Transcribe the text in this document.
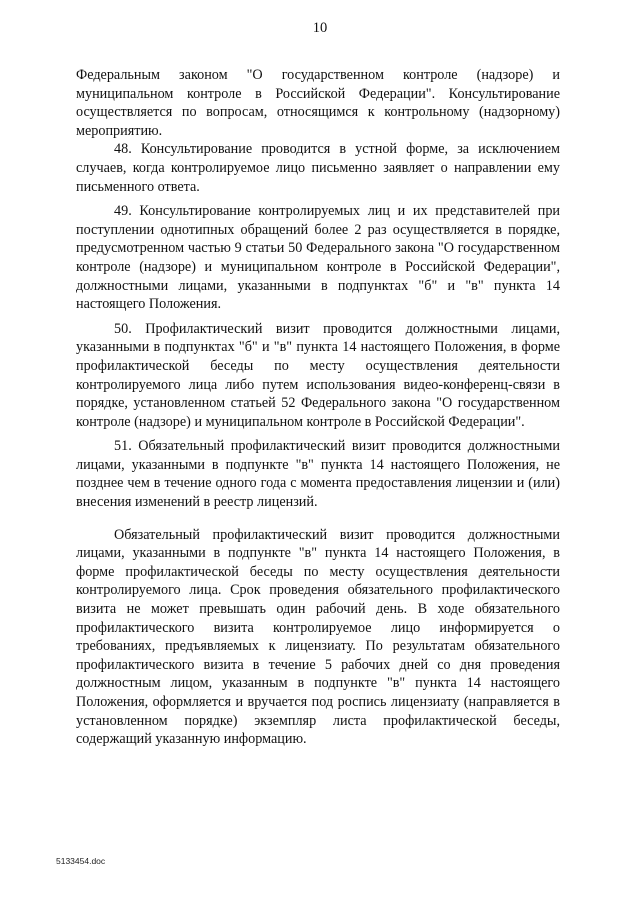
10

Федеральным законом "О государственном контроле (надзоре) и муниципальном контроле в Российской Федерации". Консультирование осуществляется по вопросам, относящимся к контрольному (надзорному) мероприятию.

48. Консультирование проводится в устной форме, за исключением случаев, когда контролируемое лицо письменно заявляет о направлении ему письменного ответа.

49. Консультирование контролируемых лиц и их представителей при поступлении однотипных обращений более 2 раз осуществляется в порядке, предусмотренном частью 9 статьи 50 Федерального закона "О государственном контроле (надзоре) и муниципальном контроле в Российской Федерации", должностными лицами, указанными в подпунктах "б" и "в" пункта 14 настоящего Положения.

50. Профилактический визит проводится должностными лицами, указанными в подпунктах "б" и "в" пункта 14 настоящего Положения, в форме профилактической беседы по месту осуществления деятельности контролируемого лица либо путем использования видео-конференц-связи в порядке, установленном статьей 52 Федерального закона "О государственном контроле (надзоре) и муниципальном контроле в Российской Федерации".

51. Обязательный профилактический визит проводится должностными лицами, указанными в подпункте "в" пункта 14 настоящего Положения, не позднее чем в течение одного года с момента предоставления лицензии и (или) внесения изменений в реестр лицензий.

Обязательный профилактический визит проводится должностными лицами, указанными в подпункте "в" пункта 14 настоящего Положения, в форме профилактической беседы по месту осуществления деятельности контролируемого лица. Срок проведения обязательного профилактического визита не может превышать один рабочий день. В ходе обязательного профилактического визита контролируемое лицо информируется о требованиях, предъявляемых к лицензиату. По результатам обязательного профилактического визита в течение 5 рабочих дней со дня проведения должностным лицом, указанным в подпункте "в" пункта 14 настоящего Положения, оформляется и вручается под роспись лицензиату (направляется в установленном порядке) экземпляр листа профилактической беседы, содержащий указанную информацию.

5133454.doc
